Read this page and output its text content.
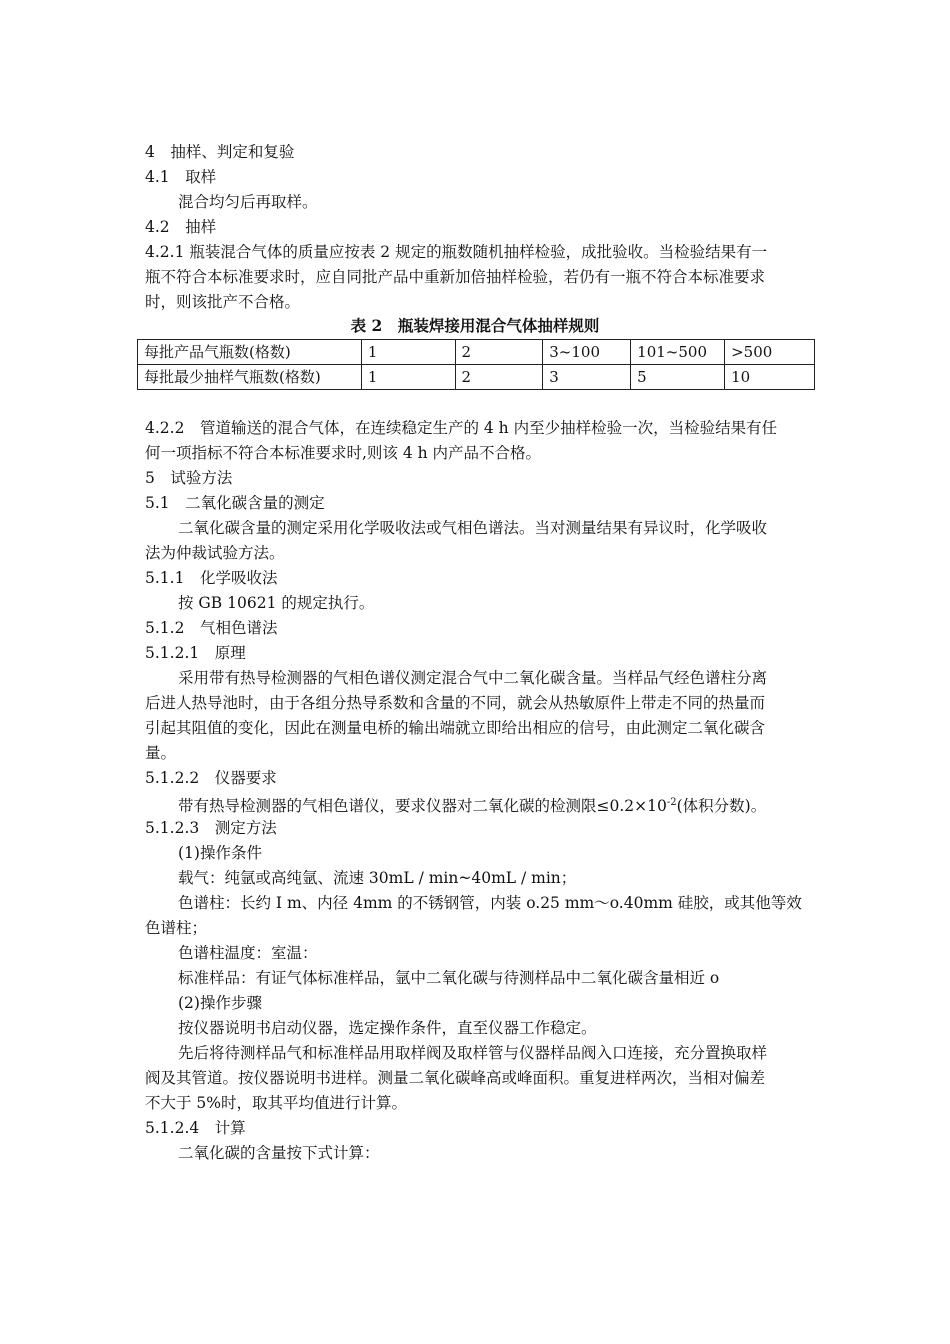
4　抽样、判定和复验
4.1　取样
混合均匀后再取样。
4.2　抽样
4.2.1 瓶装混合气体的质量应按表 2 规定的瓶数随机抽样检验，成批验收。当检验结果有一
瓶不符合本标准要求时，应自同批产品中重新加倍抽样检验，若仍有一瓶不符合本标准要求
时，则该批产不合格。
表 2　瓶装焊接用混合气体抽样规则
每批产品气瓶数(格数)	1	2	3~100	101~500	>500
每批最少抽样气瓶数(格数)	1	2	3	5	10
4.2.2　管道输送的混合气体，在连续稳定生产的 4 h 内至少抽样检验一次，当检验结果有任
何一项指标不符合本标准要求时,则该 4 h 内产品不合格。
5　试验方法
5.1　二氧化碳含量的测定
二氧化碳含量的测定采用化学吸收法或气相色谱法。当对测量结果有异议时，化学吸收
法为仲裁试验方法。
5.1.1　化学吸收法
按 GB 10621 的规定执行。
5.1.2　气相色谱法
5.1.2.1　原理
采用带有热导检测器的气相色谱仪测定混合气中二氧化碳含量。当样品气经色谱柱分离
后进人热导池时，由于各组分热导系数和含量的不同，就会从热敏原件上带走不同的热量而
引起其阻值的变化，因此在测量电桥的输出端就立即给出相应的信号，由此测定二氧化碳含
量。
5.1.2.2　仪器要求
带有热导检测器的气相色谱仪，要求仪器对二氧化碳的检测限$\le 0.2\times 10^{-2}$(体积分数)。
5.1.2.3　测定方法
(1)操作条件
载气：纯氩或高纯氩、流速 30mL / min~40mL / min；
色谱柱：长约 I m、内径 4mm 的不锈钢管，内装 o.25 mm～o.40mm 硅胶，或其他等效
色谱柱；
色谱柱温度：室温：
标准样品：有证气体标准样品，氩中二氧化碳与待测样品中二氧化碳含量相近 o
(2)操作步骤
按仪器说明书启动仪器，选定操作条件，直至仪器工作稳定。
先后将待测样品气和标准样品用取样阀及取样管与仪器样品阀入口连接，充分置换取样
阀及其管道。按仪器说明书进样。测量二氧化碳峰高或峰面积。重复进样两次，当相对偏差
不大于 5%时，取其平均值进行计算。
5.1.2.4　计算
二氧化碳的含量按下式计算：
